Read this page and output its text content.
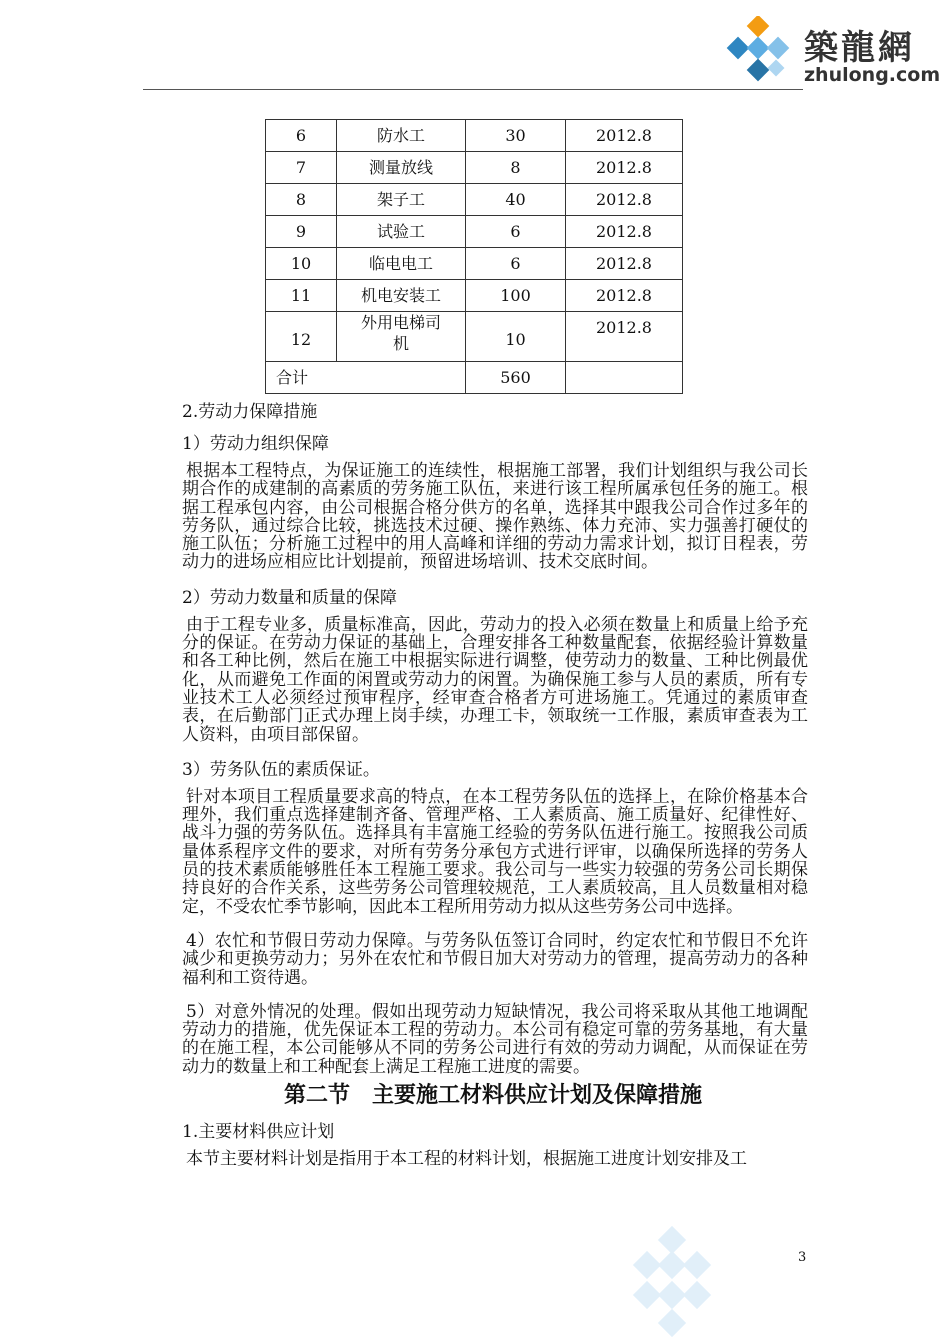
築龍網
zhulong.com
6	防水工	30	2012.8
7	测量放线	8	2012.8
8	架子工	40	2012.8
9	试验工	6	2012.8
10	临电电工	6	2012.8
11	机电安装工	100	2012.8
12	外用电梯司机	10	2012.8
合计		560	

2.劳动力保障措施

1）劳动力组织保障

根据本工程特点，为保证施工的连续性，根据施工部署，我们计划组织与我公司长期合作的成建制的高素质的劳务施工队伍，来进行该工程所属承包任务的施工。根据工程承包内容，由公司根据合格分供方的名单，选择其中跟我公司合作过多年的劳务队，通过综合比较，挑选技术过硬、操作熟练、体力充沛、实力强善打硬仗的施工队伍；分析施工过程中的用人高峰和详细的劳动力需求计划，拟订日程表，劳动力的进场应相应比计划提前，预留进场培训、技术交底时间。

2）劳动力数量和质量的保障

由于工程专业多，质量标准高，因此，劳动力的投入必须在数量上和质量上给予充分的保证。在劳动力保证的基础上，合理安排各工种数量配套，依据经验计算数量和各工种比例，然后在施工中根据实际进行调整，使劳动力的数量、工种比例最优化，从而避免工作面的闲置或劳动力的闲置。为确保施工参与人员的素质，所有专业技术工人必须经过预审程序，经审查合格者方可进场施工。凭通过的素质审查表，在后勤部门正式办理上岗手续，办理工卡，领取统一工作服，素质审查表为工人资料，由项目部保留。

3）劳务队伍的素质保证。

针对本项目工程质量要求高的特点，在本工程劳务队伍的选择上，在除价格基本合理外，我们重点选择建制齐备、管理严格、工人素质高、施工质量好、纪律性好、战斗力强的劳务队伍。选择具有丰富施工经验的劳务队伍进行施工。按照我公司质量体系程序文件的要求，对所有劳务分承包方式进行评审，以确保所选择的劳务人员的技术素质能够胜任本工程施工要求。我公司与一些实力较强的劳务公司长期保持良好的合作关系，这些劳务公司管理较规范，工人素质较高，且人员数量相对稳定，不受农忙季节影响，因此本工程所用劳动力拟从这些劳务公司中选择。

4）农忙和节假日劳动力保障。与劳务队伍签订合同时，约定农忙和节假日不允许减少和更换劳动力；另外在农忙和节假日加大对劳动力的管理，提高劳动力的各种福利和工资待遇。

5）对意外情况的处理。假如出现劳动力短缺情况，我公司将采取从其他工地调配劳动力的措施，优先保证本工程的劳动力。本公司有稳定可靠的劳务基地，有大量的在施工程，本公司能够从不同的劳务公司进行有效的劳动力调配，从而保证在劳动力的数量上和工种配套上满足工程施工进度的需要。

第二节　主要施工材料供应计划及保障措施

1.主要材料供应计划

本节主要材料计划是指用于本工程的材料计划，根据施工进度计划安排及工

3
